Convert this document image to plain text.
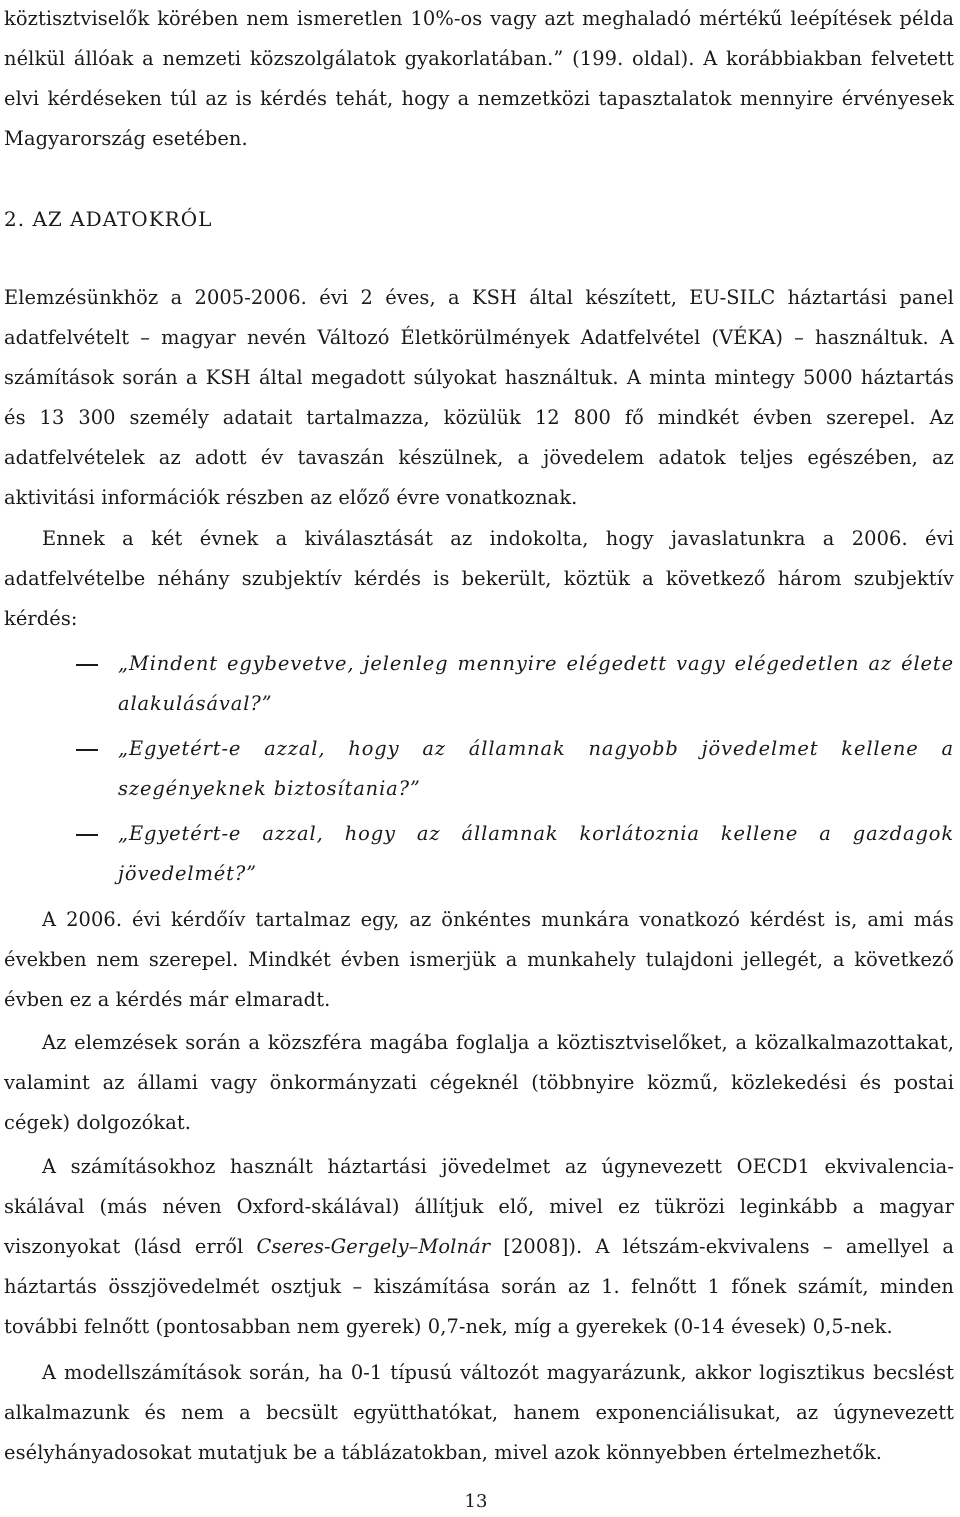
köztisztviselők körében nem ismeretlen 10%-os vagy azt meghaladó mértékű leépítések példa nélkül állóak a nemzeti közszolgálatok gyakorlatában.” (199. oldal). A korábbiakban felvetett elvi kérdéseken túl az is kérdés tehát, hogy a nemzetközi tapasztalatok mennyire érvényesek Magyarország esetében.

2. AZ ADATOKRÓL

Elemzésünkhöz a 2005-2006. évi 2 éves, a KSH által készített, EU-SILC háztartási panel adatfelvételt – magyar nevén Változó Életkörülmények Adatfelvétel (VÉKA) – használtuk. A számítások során a KSH által megadott súlyokat használtuk. A minta mintegy 5000 háztartás és 13 300 személy adatait tartalmazza, közülük 12 800 fő mindkét évben szerepel. Az adatfelvételek az adott év tavaszán készülnek, a jövedelem adatok teljes egészében, az aktivitási információk részben az előző évre vonatkoznak.

Ennek a két évnek a kiválasztását az indokolta, hogy javaslatunkra a 2006. évi adatfelvételbe néhány szubjektív kérdés is bekerült, köztük a következő három szubjektív kérdés:

„Mindent egybevetve, jelenleg mennyire elégedett vagy elégedetlen az élete alakulásával?”
„Egyetért-e azzal, hogy az államnak nagyobb jövedelmet kellene a szegényeknek biztosítania?”
„Egyetért-e azzal, hogy az államnak korlátoznia kellene a gazdagok jövedelmét?”

A 2006. évi kérdőív tartalmaz egy, az önkéntes munkára vonatkozó kérdést is, ami más években nem szerepel. Mindkét évben ismerjük a munkahely tulajdoni jellegét, a következő évben ez a kérdés már elmaradt.

Az elemzések során a közszféra magába foglalja a köztisztviselőket, a közalkalmazottakat, valamint az állami vagy önkormányzati cégeknél (többnyire közmű, közlekedési és postai cégek) dolgozókat.

A számításokhoz használt háztartási jövedelmet az úgynevezett OECD1 ekvivalencia-skálával (más néven Oxford-skálával) állítjuk elő, mivel ez tükrözi leginkább a magyar viszonyokat (lásd erről Cseres-Gergely–Molnár [2008]). A létszám-ekvivalens – amellyel a háztartás összjövedelmét osztjuk – kiszámítása során az 1. felnőtt 1 főnek számít, minden további felnőtt (pontosabban nem gyerek) 0,7-nek, míg a gyerekek (0-14 évesek) 0,5-nek.

A modellszámítások során, ha 0-1 típusú változót magyarázunk, akkor logisztikus becslést alkalmazunk és nem a becsült együtthatókat, hanem exponenciálisukat, az úgynevezett esélyhányadosokat mutatjuk be a táblázatokban, mivel azok könnyebben értelmezhetők.

13
